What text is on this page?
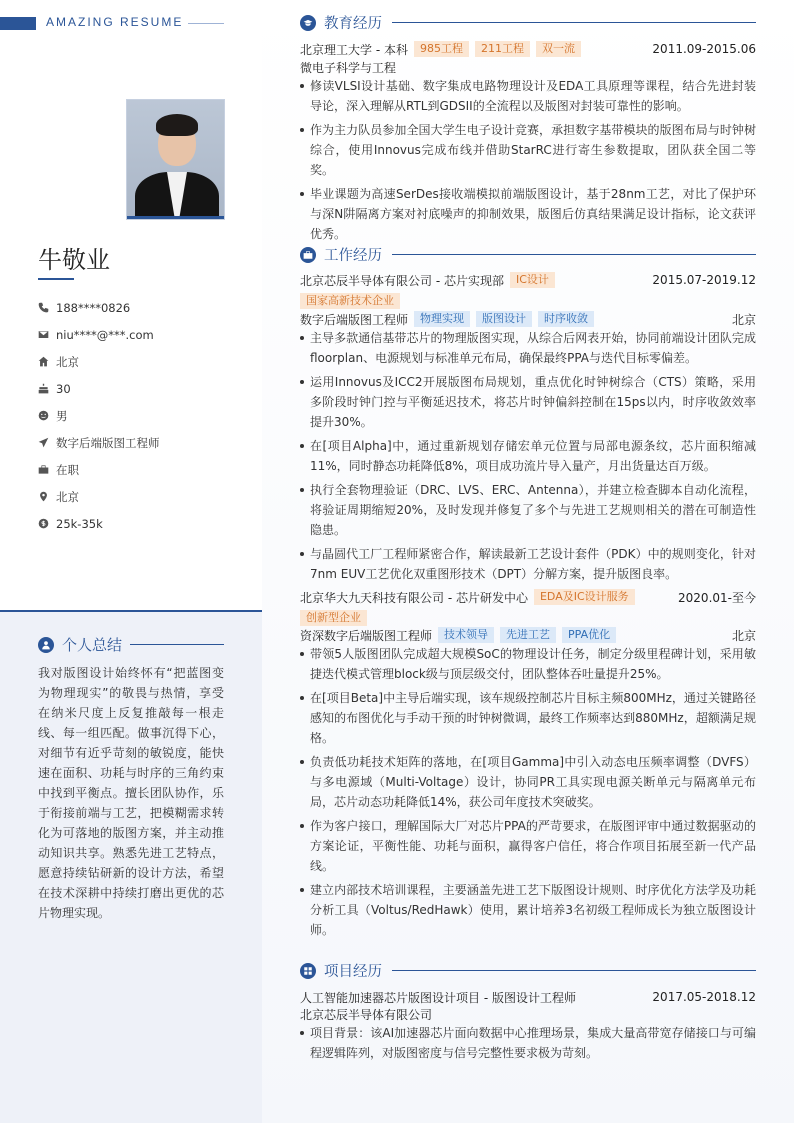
AMAZING RESUME
牛敬业
188****0826
niu****@***.com
北京
30
男
数字后端版图工程师
在职
北京
25k-35k
个人总结
我对版图设计始终怀有“把蓝图变为物理现实”的敬畏与热情，享受在纳米尺度上反复推敲每一根走线、每一组匹配。做事沉得下心，对细节有近乎苛刻的敏锐度，能快速在面积、功耗与时序的三角约束中找到平衡点。擅长团队协作，乐于衔接前端与工艺，把模糊需求转化为可落地的版图方案，并主动推动知识共享。熟悉先进工艺特点，愿意持续钻研新的设计方法，希望在技术深耕中持续打磨出更优的芯片物理实现。
教育经历
北京理工大学 - 本科	985工程	211工程	双一流	2011.09-2015.06
微电子科学与工程
修读VLSI设计基础、数字集成电路物理设计及EDA工具原理等课程，结合先进封装导论，深入理解从RTL到GDSII的全流程以及版图对封装可靠性的影响。
作为主力队员参加全国大学生电子设计竞赛，承担数字基带模块的版图布局与时钟树综合，使用Innovus完成布线并借助StarRC进行寄生参数提取，团队获全国二等奖。
毕业课题为高速SerDes接收端模拟前端版图设计，基于28nm工艺，对比了保护环与深N阱隔离方案对衬底噪声的抑制效果，版图后仿真结果满足设计指标，论文获评优秀。
工作经历
北京芯辰半导体有限公司 - 芯片实现部	IC设计	2015.07-2019.12
国家高新技术企业
数字后端版图工程师	物理实现	版图设计	时序收敛	北京
主导多款通信基带芯片的物理版图实现，从综合后网表开始，协同前端设计团队完成floorplan、电源规划与标准单元布局，确保最终PPA与迭代目标零偏差。
运用Innovus及ICC2开展版图布局规划，重点优化时钟树综合（CTS）策略，采用多阶段时钟门控与平衡延迟技术，将芯片时钟偏斜控制在15ps以内，时序收敛效率提升30%。
在[项目Alpha]中，通过重新规划存储宏单元位置与局部电源条纹，芯片面积缩减11%，同时静态功耗降低8%，项目成功流片导入量产，月出货量达百万级。
执行全套物理验证（DRC、LVS、ERC、Antenna），并建立检查脚本自动化流程，将验证周期缩短20%，及时发现并修复了多个与先进工艺规则相关的潜在可制造性隐患。
与晶圆代工厂工程师紧密合作，解读最新工艺设计套件（PDK）中的规则变化，针对7nm EUV工艺优化双重图形技术（DPT）分解方案，提升版图良率。
北京华大九天科技有限公司 - 芯片研发中心	EDA及IC设计服务	2020.01-至今
创新型企业
资深数字后端版图工程师	技术领导	先进工艺	PPA优化	北京
带领5人版图团队完成超大规模SoC的物理设计任务，制定分级里程碑计划，采用敏捷迭代模式管理block级与顶层级交付，团队整体吞吐量提升25%。
在[项目Beta]中主导后端实现，该车规级控制芯片目标主频800MHz，通过关键路径感知的布图优化与手动干预的时钟树微调，最终工作频率达到880MHz，超额满足规格。
负责低功耗技术矩阵的落地，在[项目Gamma]中引入动态电压频率调整（DVFS）与多电源域（Multi-Voltage）设计，协同PR工具实现电源关断单元与隔离单元布局，芯片动态功耗降低14%，获公司年度技术突破奖。
作为客户接口，理解国际大厂对芯片PPA的严苛要求，在版图评审中通过数据驱动的方案论证，平衡性能、功耗与面积，赢得客户信任，将合作项目拓展至新一代产品线。
建立内部技术培训课程，主要涵盖先进工艺下版图设计规则、时序优化方法学及功耗分析工具（Voltus/RedHawk）使用，累计培养3名初级工程师成长为独立版图设计师。
项目经历
人工智能加速器芯片版图设计项目 - 版图设计工程师	2017.05-2018.12
北京芯辰半导体有限公司
项目背景：该AI加速器芯片面向数据中心推理场景，集成大量高带宽存储接口与可编程逻辑阵列，对版图密度与信号完整性要求极为苛刻。
